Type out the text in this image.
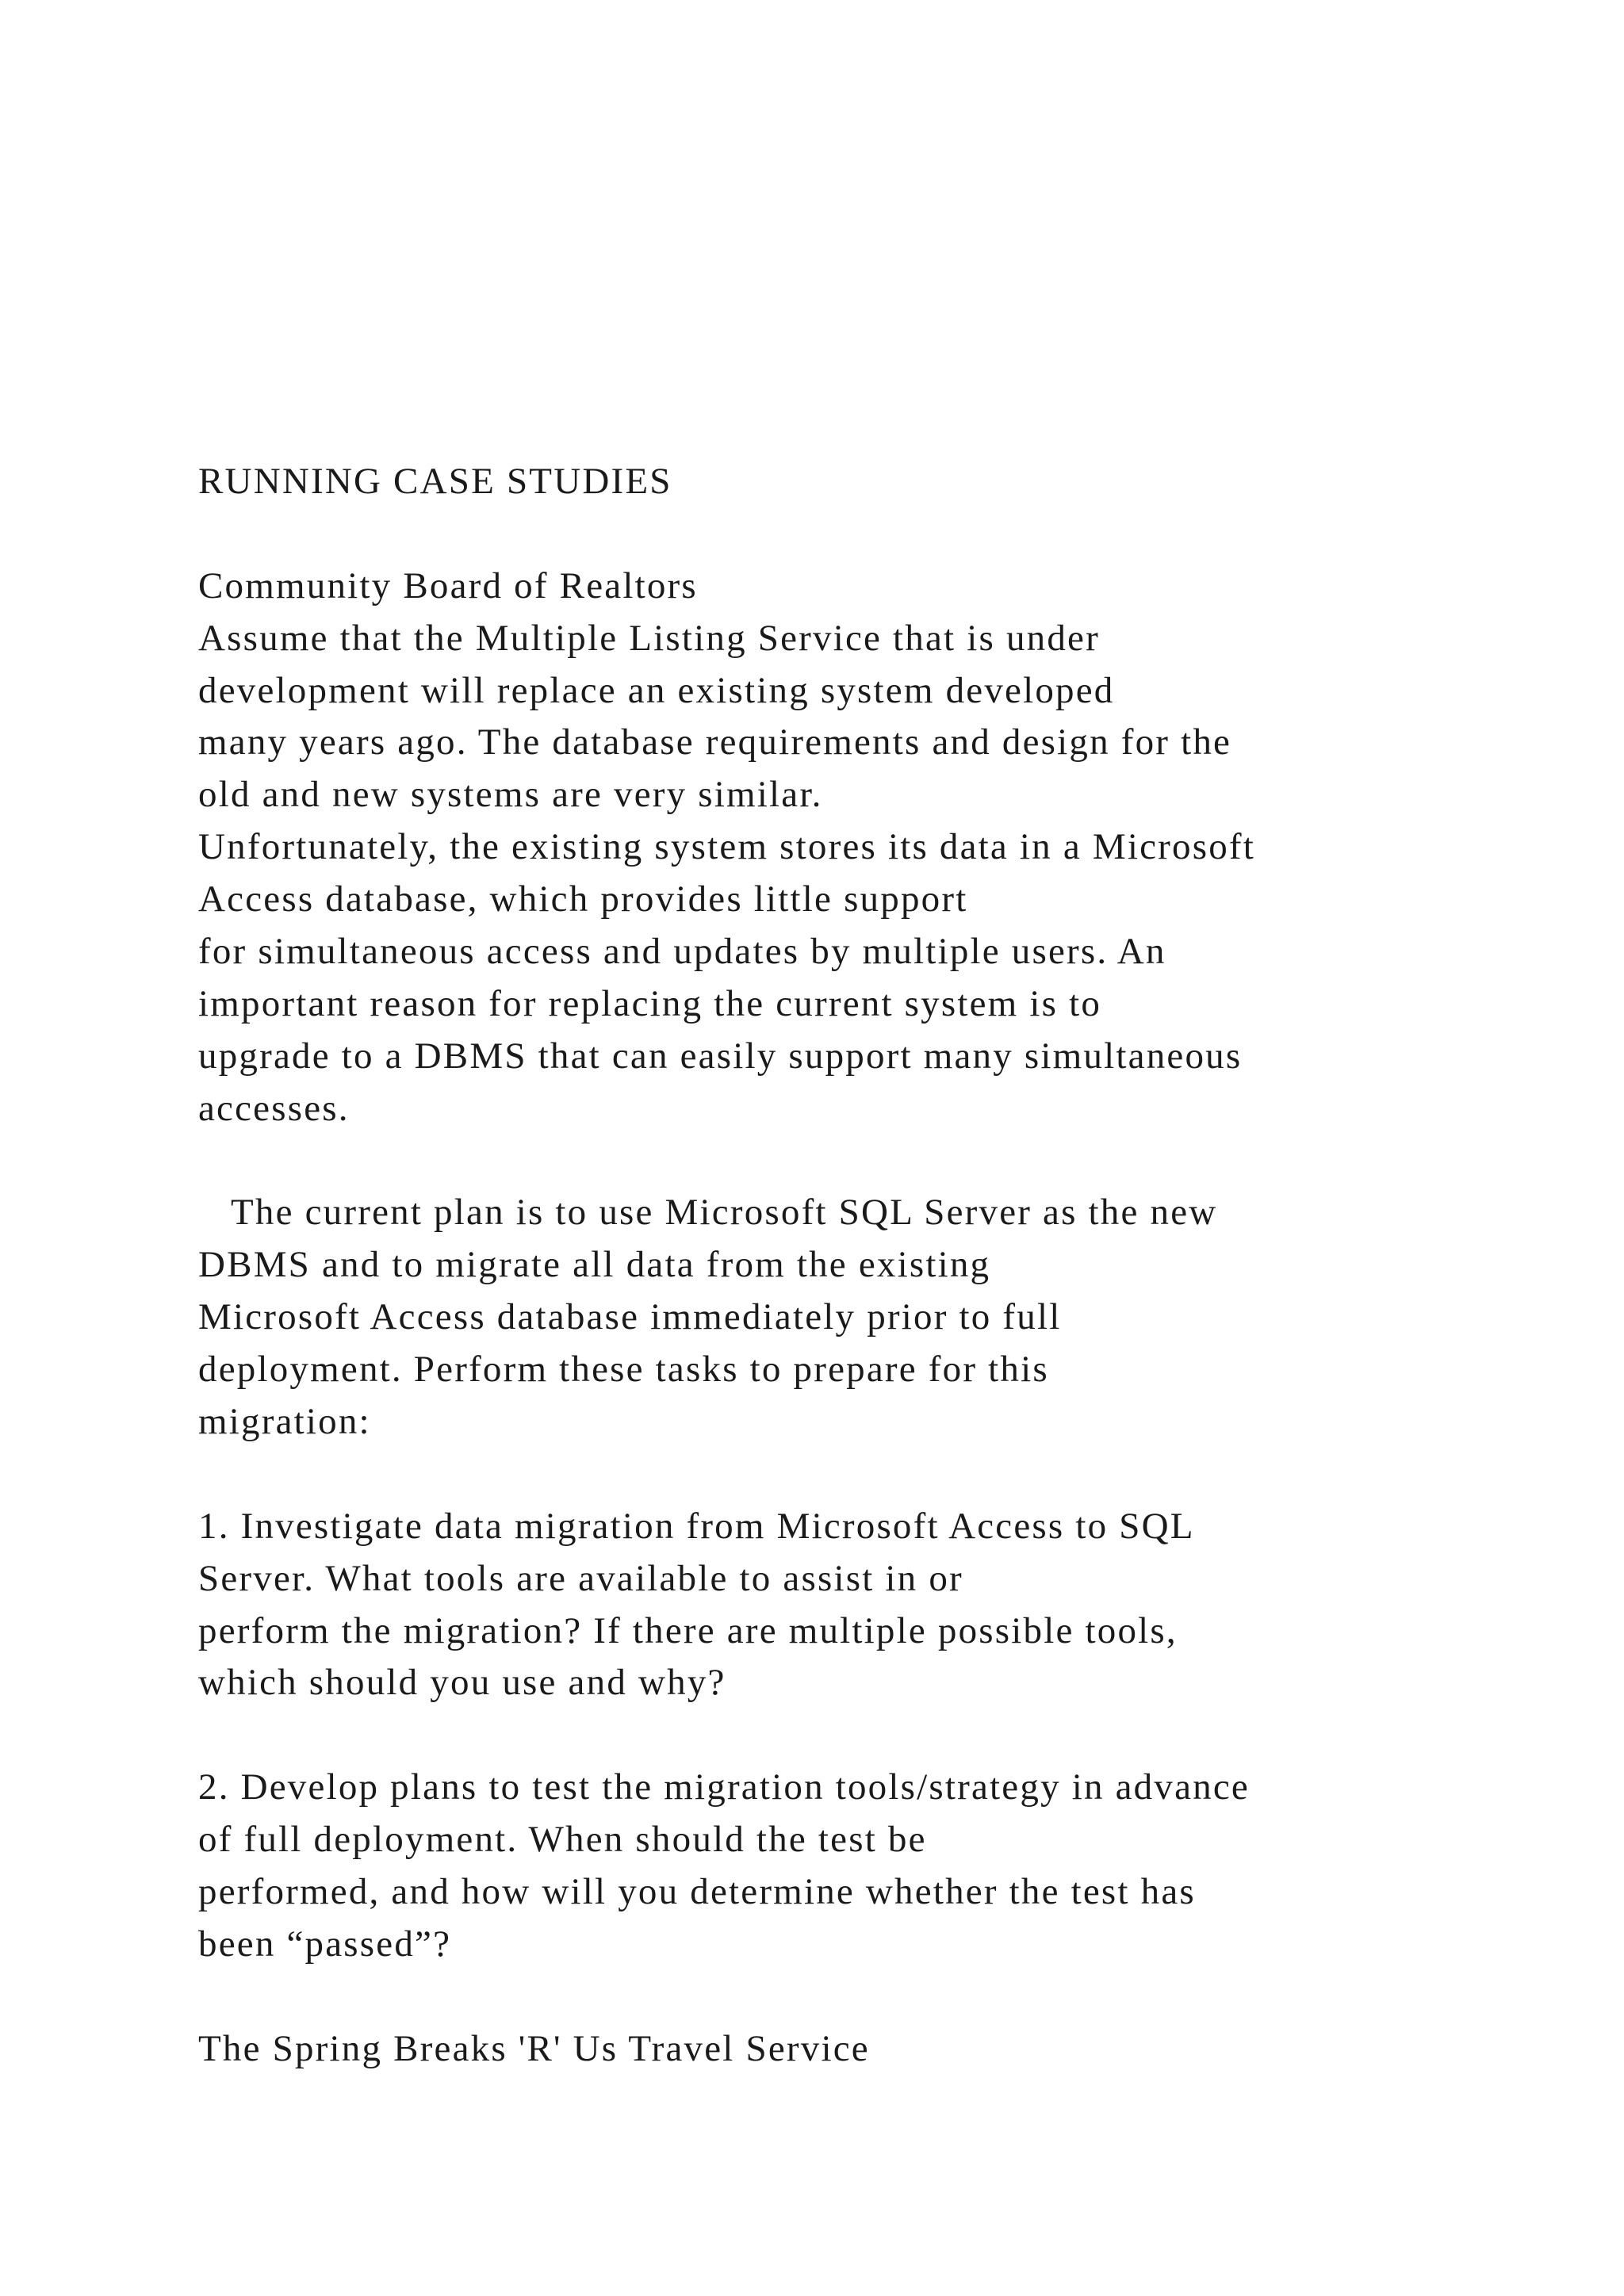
RUNNING CASE STUDIES
Community Board of Realtors
Assume that the Multiple Listing Service that is under
development will replace an existing system developed
many years ago. The database requirements and design for the
old and new systems are very similar.
Unfortunately, the existing system stores its data in a Microsoft
Access database, which provides little support
for simultaneous access and updates by multiple users. An
important reason for replacing the current system is to
upgrade to a DBMS that can easily support many simultaneous
accesses.
The current plan is to use Microsoft SQL Server as the new
DBMS and to migrate all data from the existing
Microsoft Access database immediately prior to full
deployment. Perform these tasks to prepare for this
migration:
1. Investigate data migration from Microsoft Access to SQL
Server. What tools are available to assist in or
perform the migration? If there are multiple possible tools,
which should you use and why?
2. Develop plans to test the migration tools/strategy in advance
of full deployment. When should the test be
performed, and how will you determine whether the test has
been “passed”?
The Spring Breaks 'R' Us Travel Service
